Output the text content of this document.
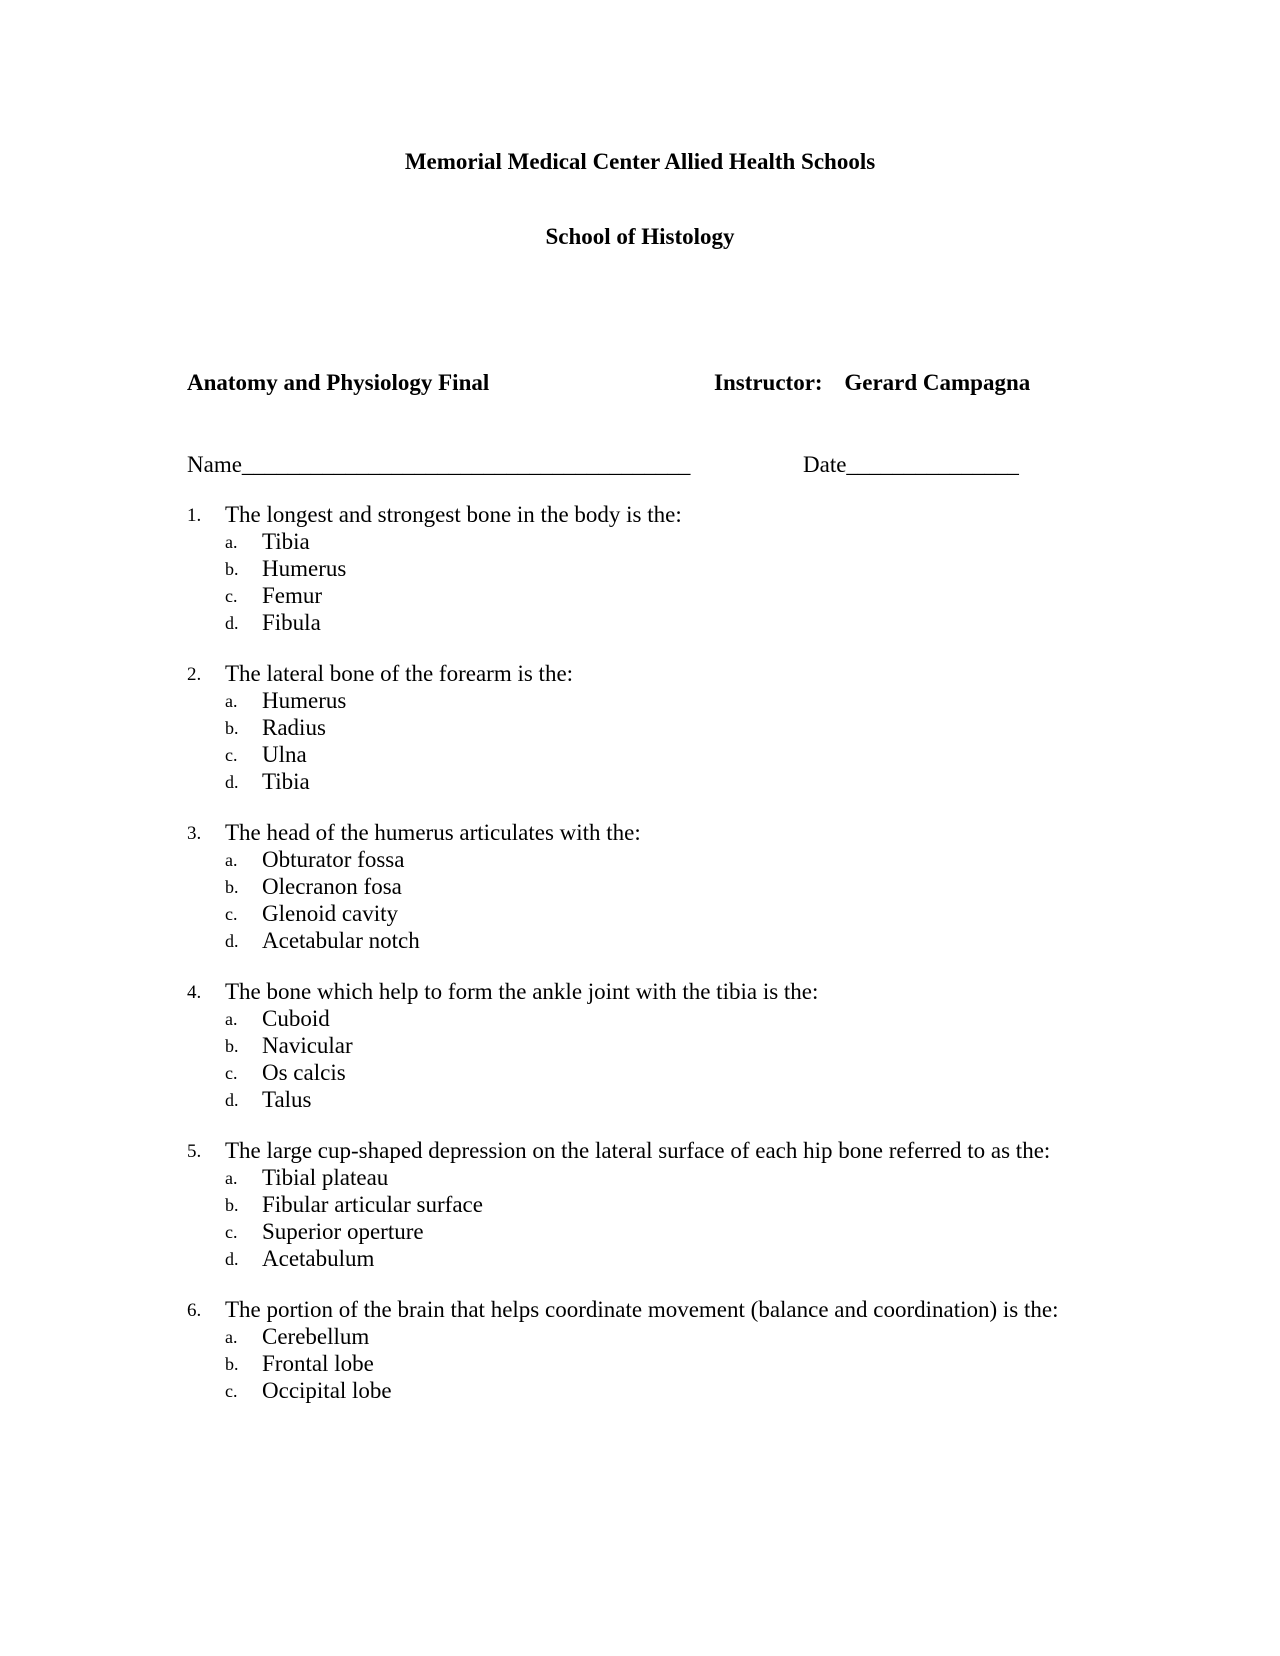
Memorial Medical Center Allied Health Schools
School of Histology
Anatomy and Physiology Final	Instructor: Gerard Campagna
Name_______________________________________	Date_______________
1. The longest and strongest bone in the body is the:
a. Tibia
b. Humerus
c. Femur
d. Fibula
2. The lateral bone of the forearm is the:
a. Humerus
b. Radius
c. Ulna
d. Tibia
3. The head of the humerus articulates with the:
a. Obturator fossa
b. Olecranon fosa
c. Glenoid cavity
d. Acetabular notch
4. The bone which help to form the ankle joint with the tibia is the:
a. Cuboid
b. Navicular
c. Os calcis
d. Talus
5. The large cup-shaped depression on the lateral surface of each hip bone referred to as the:
a. Tibial plateau
b. Fibular articular surface
c. Superior operture
d. Acetabulum
6. The portion of the brain that helps coordinate movement (balance and coordination) is the:
a. Cerebellum
b. Frontal lobe
c. Occipital lobe
